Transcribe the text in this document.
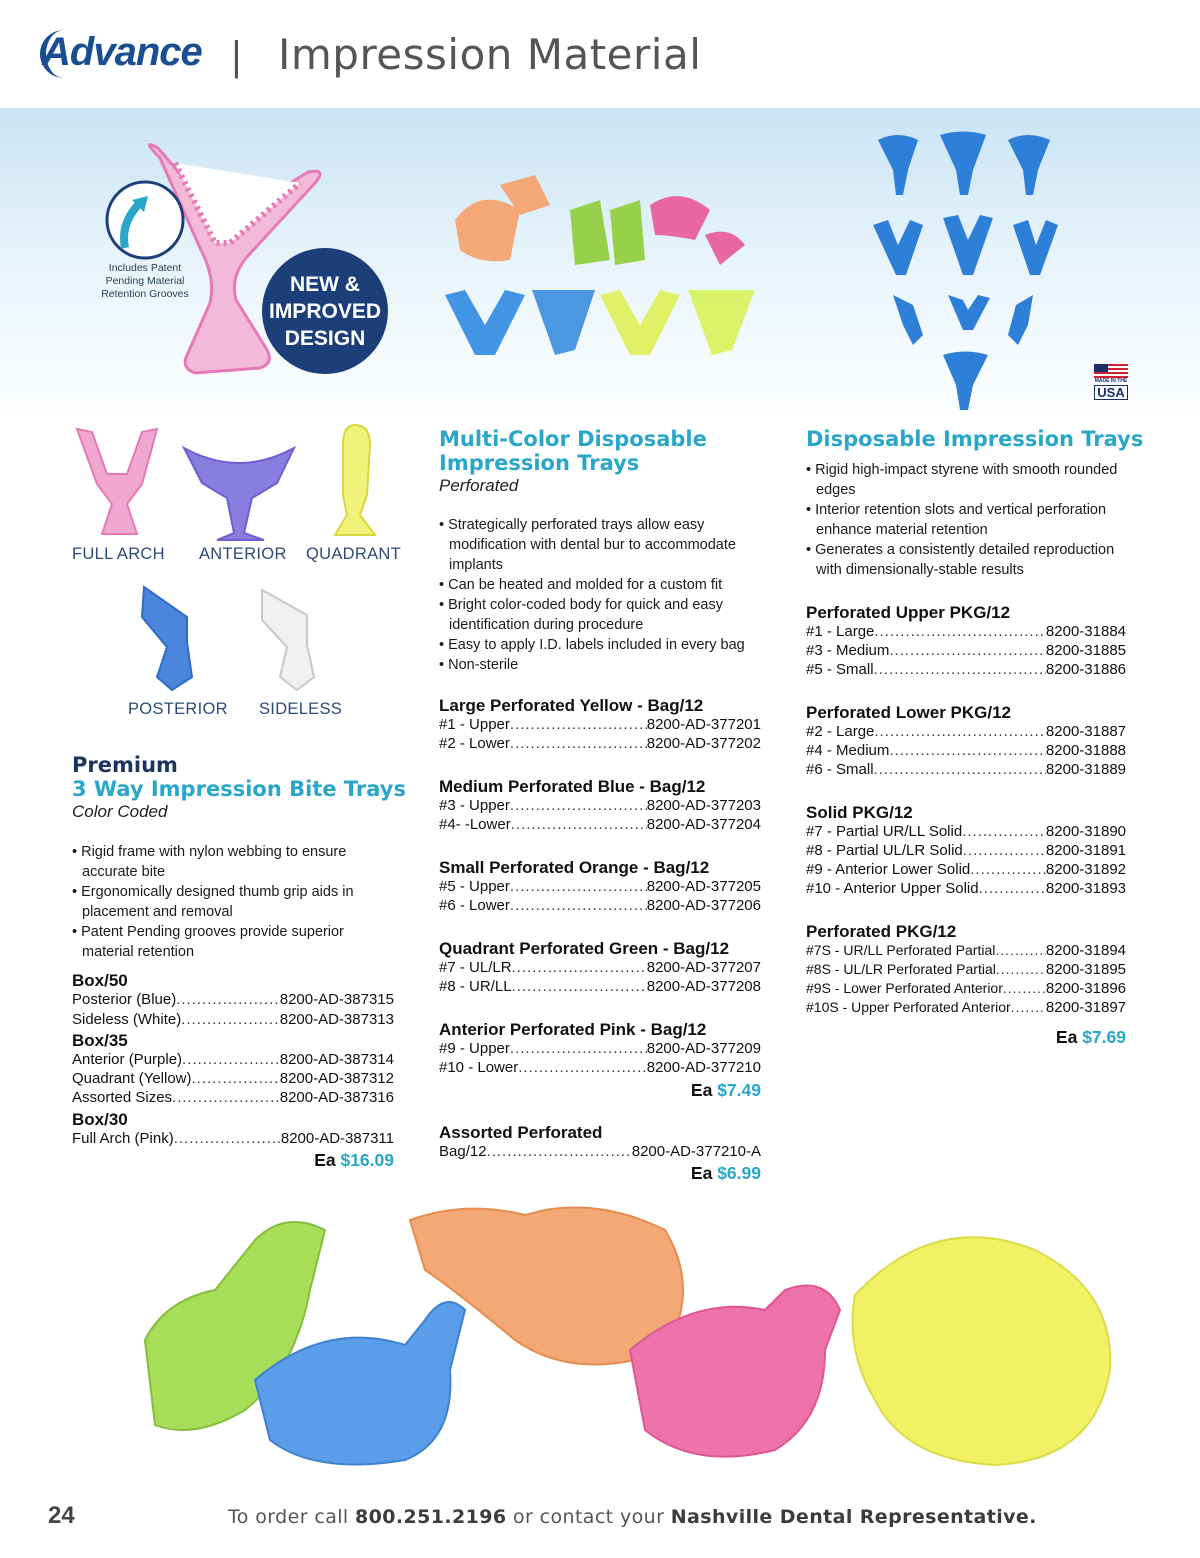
Advance | Impression Material
Includes Patent Pending Material Retention Grooves	NEW &
IMPROVED
DESIGN
MADE IN THE
USA
FULL ARCH ANTERIOR QUADRANT
POSTERIOR SIDELESS
Premium
3 Way Impression Bite Trays
Color Coded
• Rigid frame with nylon webbing to ensure accurate bite
• Ergonomically designed thumb grip aids in placement and removal
• Patent Pending grooves provide superior material retention
Box/50
Posterior (Blue) .....	8200-AD-387315
Sideless (White) .....	8200-AD-387313
Box/35
Anterior (Purple) .....	8200-AD-387314
Quadrant (Yellow) .....	8200-AD-387312
Assorted Sizes .....	8200-AD-387316
Box/30
Full Arch (Pink) .....	8200-AD-387311
Ea $16.09
Multi-Color Disposable
Impression Trays
Perforated
• Strategically perforated trays allow easy modification with dental bur to accommodate implants
• Can be heated and molded for a custom fit
• Bright color-coded body for quick and easy identification during procedure
• Easy to apply I.D. labels included in every bag
• Non-sterile
Large Perforated Yellow - Bag/12
#1 - Upper .....	8200-AD-377201
#2 - Lower .....	8200-AD-377202
Medium Perforated Blue - Bag/12
#3 - Upper .....	8200-AD-377203
#4- -Lower .....	8200-AD-377204
Small Perforated Orange - Bag/12
#5 - Upper .....	8200-AD-377205
#6 - Lower .....	8200-AD-377206
Quadrant Perforated Green - Bag/12
#7 - UL/LR .....	8200-AD-377207
#8 - UR/LL .....	8200-AD-377208
Anterior Perforated Pink - Bag/12
#9 - Upper .....	8200-AD-377209
#10 - Lower .....	8200-AD-377210
Ea $7.49
Assorted Perforated
Bag/12 .....	8200-AD-377210-A
Ea $6.99
Disposable Impression Trays
• Rigid high-impact styrene with smooth rounded edges
• Interior retention slots and vertical perforation enhance material retention
• Generates a consistently detailed reproduction with dimensionally-stable results
Perforated Upper PKG/12
#1 - Large .....	8200-31884
#3 - Medium .....	8200-31885
#5 - Small .....	8200-31886
Perforated Lower PKG/12
#2 - Large .....	8200-31887
#4 - Medium .....	8200-31888
#6 - Small .....	8200-31889
Solid PKG/12
#7 - Partial UR/LL Solid .....	8200-31890
#8 - Partial UL/LR Solid .....	8200-31891
#9 - Anterior Lower Solid .....	8200-31892
#10 - Anterior Upper Solid .....	8200-31893
Perforated PKG/12
#7S - UR/LL Perforated Partial .....	8200-31894
#8S - UL/LR Perforated Partial .....	8200-31895
#9S - Lower Perforated Anterior .....	8200-31896
#10S - Upper Perforated Anterior ..... 8200-31897
Ea $7.69
24	To order call 800.251.2196 or contact your Nashville Dental Representative.
